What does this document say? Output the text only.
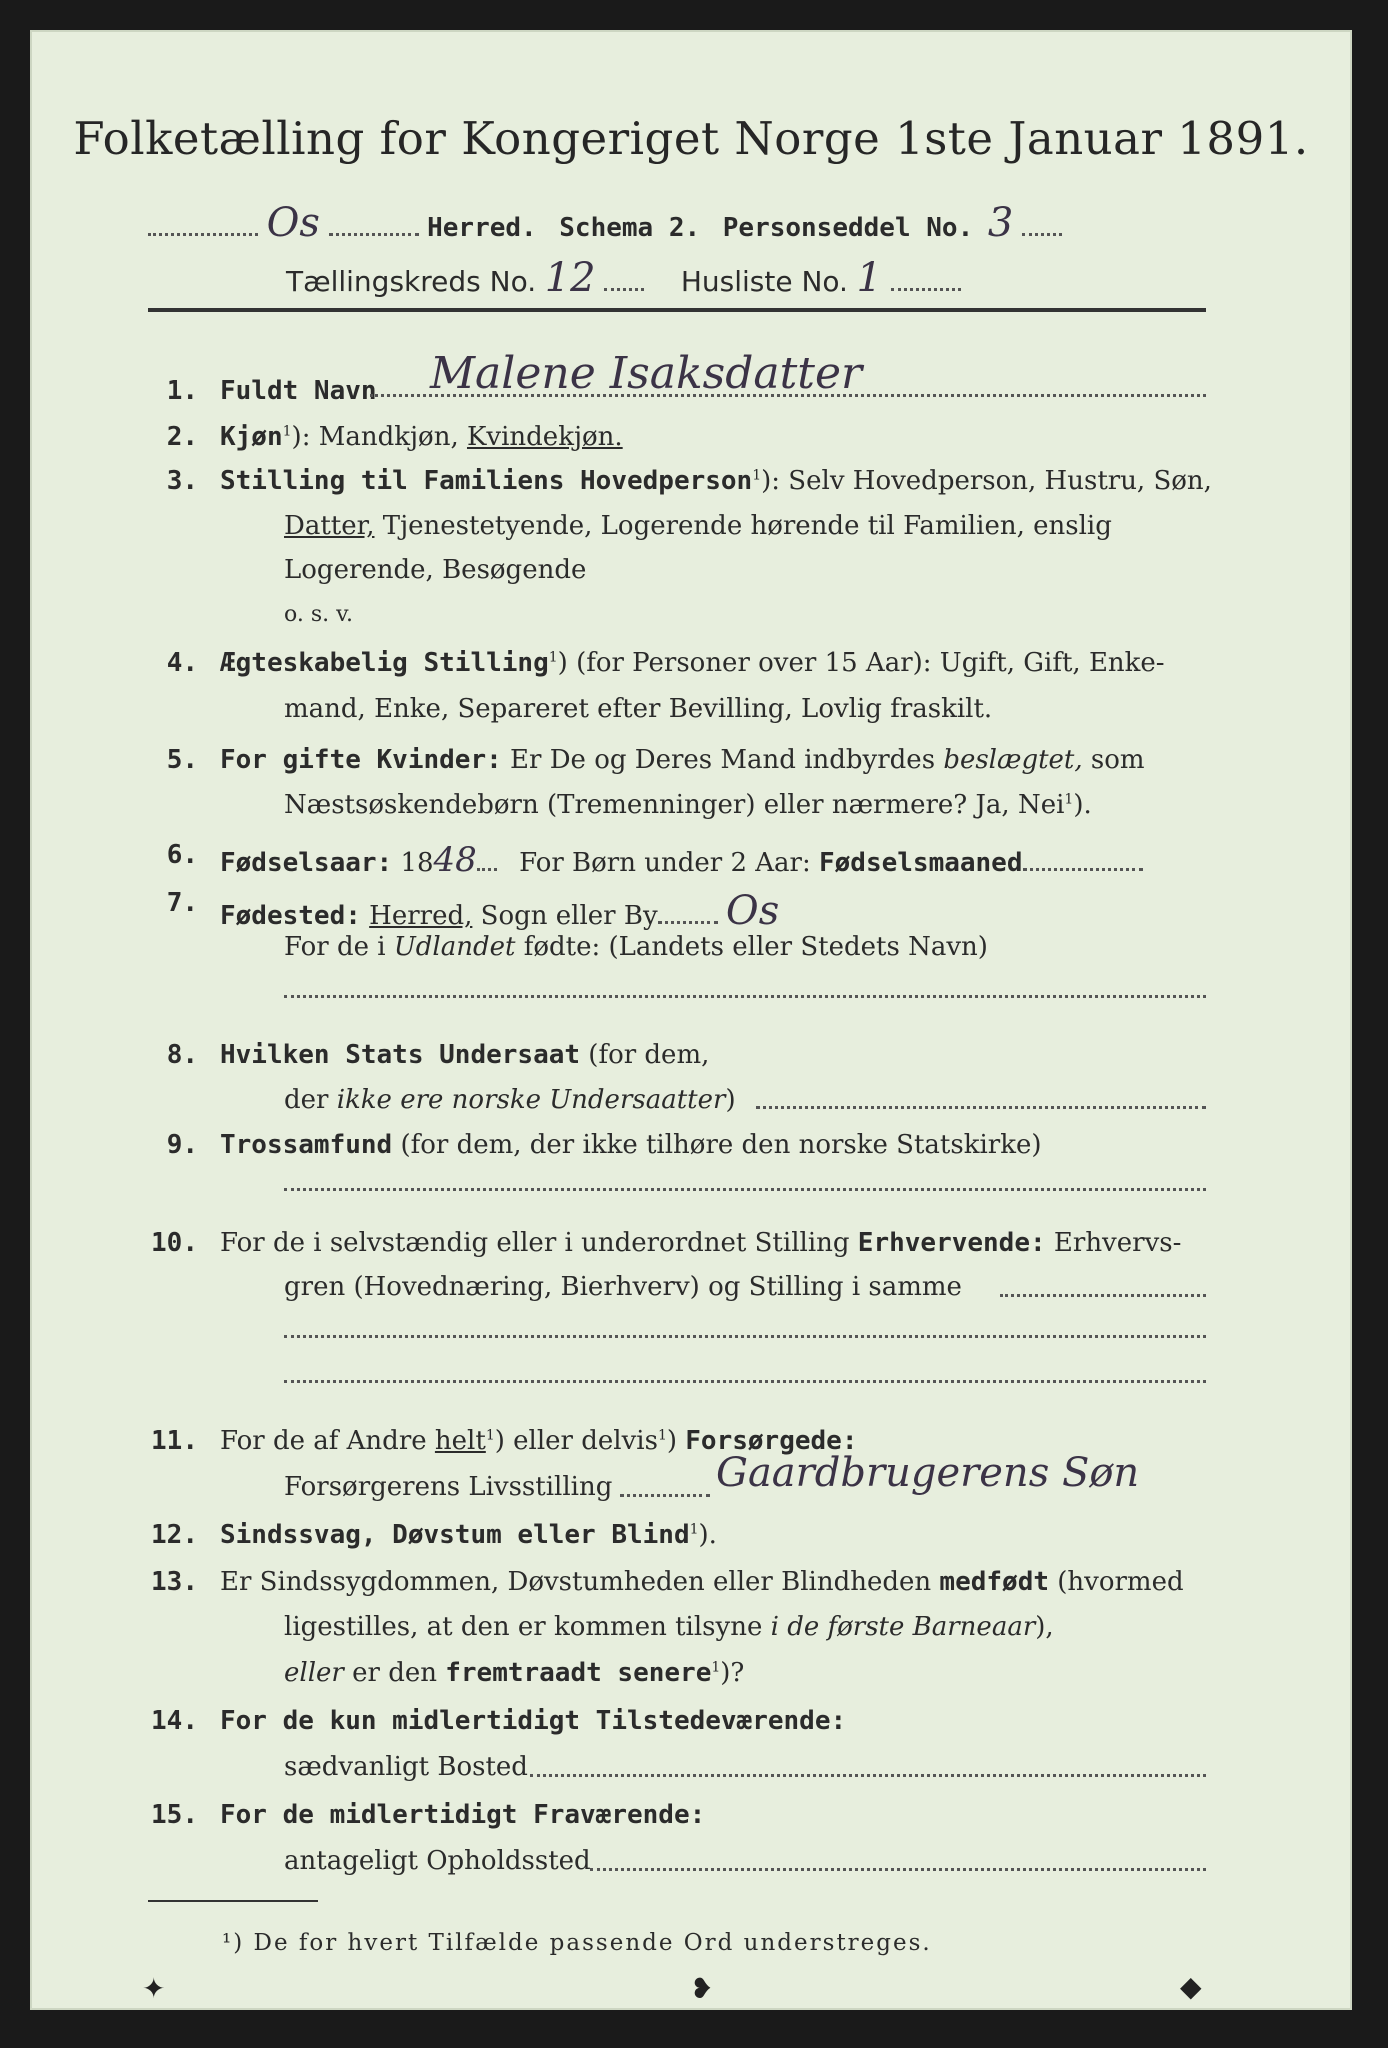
Folketælling for Kongeriget Norge 1ste Januar 1891.
Os	Herred. Schema 2. Personseddel No. 3
Tællingskreds No. 12	Husliste No. 1
1. Fuldt Navn Malene Isaksdatter
2. Kjøn$^1$): Mandkjøn, Kvindekjøn.
3. Stilling til Familiens Hovedperson$^1$): Selv Hovedperson, Hustru, Søn,
Datter, Tjenestetyende, Logerende hørende til Familien, enslig
Logerende, Besøgende
o. s. v.
4. Ægteskabelig Stilling$^1$) (for Personer over 15 Aar): Ugift, Gift, Enke-
mand, Enke, Separeret efter Bevilling, Lovlig fraskilt.
5. For gifte Kvinder: Er De og Deres Mand indbyrdes beslægtet, som
Næstsøskendebørn (Tremenninger) eller nærmere? Ja, Nei$^1$).
6. Fødselsaar: 1848 For Børn under 2 Aar: Fødselsmaaned
7. Fødested: Herred, Sogn eller By Os
For de i Udlandet fødte: (Landets eller Stedets Navn)
8. Hvilken Stats Undersaat (for dem,
der ikke ere norske Undersaatter)
9. Trossamfund (for dem, der ikke tilhøre den norske Statskirke)
10. For de i selvstændig eller i underordnet Stilling Erhvervende: Erhvervs-
gren (Hovednæring, Bierhverv) og Stilling i samme
11. For de af Andre helt$^1$) eller delvis$^1$) Forsørgede:
Forsørgerens Livsstilling	Gaardbrugerens Søn
12. Sindssvag, Døvstum eller Blind$^1$).
13. Er Sindssygdommen, Døvstumheden eller Blindheden medfødt (hvormed
ligestilles, at den er kommen tilsyne i de første Barneaar),
eller er den fremtraadt senere$^1$)?
14. For de kun midlertidigt Tilstedeværende:
sædvanligt Bosted
15. For de midlertidigt Fraværende:
antageligt Opholdssted
¹) De for hvert Tilfælde passende Ord understreges.
✦	❥	◆
